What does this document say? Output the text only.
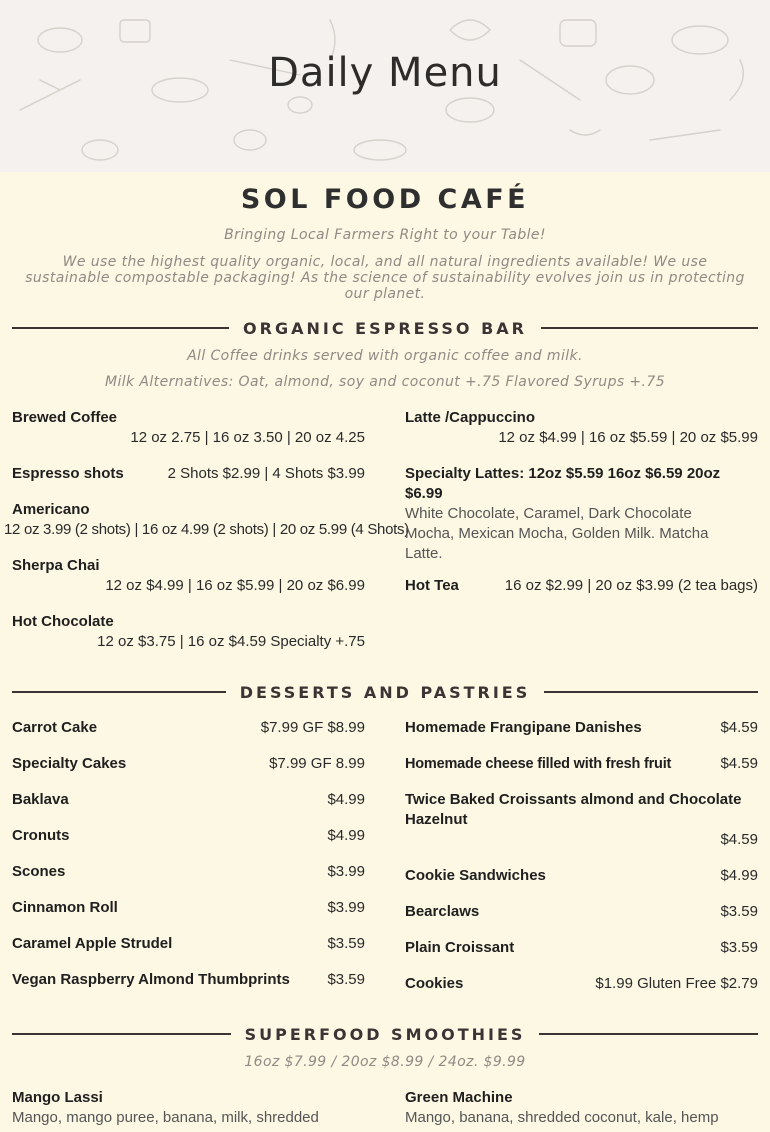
Daily Menu
SOL FOOD CAFÉ

Bringing Local Farmers Right to your Table!

We use the highest quality organic, local, and all natural ingredients available! We use sustainable compostable packaging! As the science of sustainability evolves join us in protecting our planet.

ORGANIC ESPRESSO BAR

All Coffee drinks served with organic coffee and milk.

Milk Alternatives: Oat, almond, soy and coconut +.75 Flavored Syrups +.75

Brewed Coffee
12 oz 2.75 | 16 oz 3.50 | 20 oz 4.25
Espresso shots	2 Shots $2.99 | 4 Shots $3.99
Americano
12 oz 3.99 (2 shots) | 16 oz 4.99 (2 shots) | 20 oz 5.99 (4 Shots)
Sherpa Chai
12 oz $4.99 | 16 oz $5.99 | 20 oz $6.99
Hot Chocolate
12 oz $3.75 | 16 oz $4.59 Specialty +.75
Latte /Cappuccino
12 oz $4.99 | 16 oz $5.59 | 20 oz $5.99
Specialty Lattes: 12oz $5.59 16oz $6.59 20oz $6.99
White Chocolate, Caramel, Dark Chocolate Mocha, Mexican Mocha, Golden Milk. Matcha Latte.
Hot Tea	16 oz $2.99 | 20 oz $3.99 (2 tea bags)
DESSERTS AND PASTRIES
Carrot Cake	$7.99 GF $8.99
Specialty Cakes	$7.99 GF 8.99
Baklava	$4.99
Cronuts	$4.99
Scones	$3.99
Cinnamon Roll	$3.99
Caramel Apple Strudel	$3.59
Vegan Raspberry Almond Thumbprints	$3.59
Homemade Frangipane Danishes	$4.59
Homemade cheese filled with fresh fruit	$4.59
Twice Baked Croissants almond and Chocolate Hazelnut
$4.59
Cookie Sandwiches	$4.99
Bearclaws	$3.59
Plain Croissant	$3.59
Cookies	$1.99 Gluten Free $2.79
SUPERFOOD SMOOTHIES

16oz $7.99 / 20oz $8.99 / 24oz. $9.99

Mango Lassi
Mango, mango puree, banana, milk, shredded
Green Machine
Mango, banana, shredded coconut, kale, hemp
